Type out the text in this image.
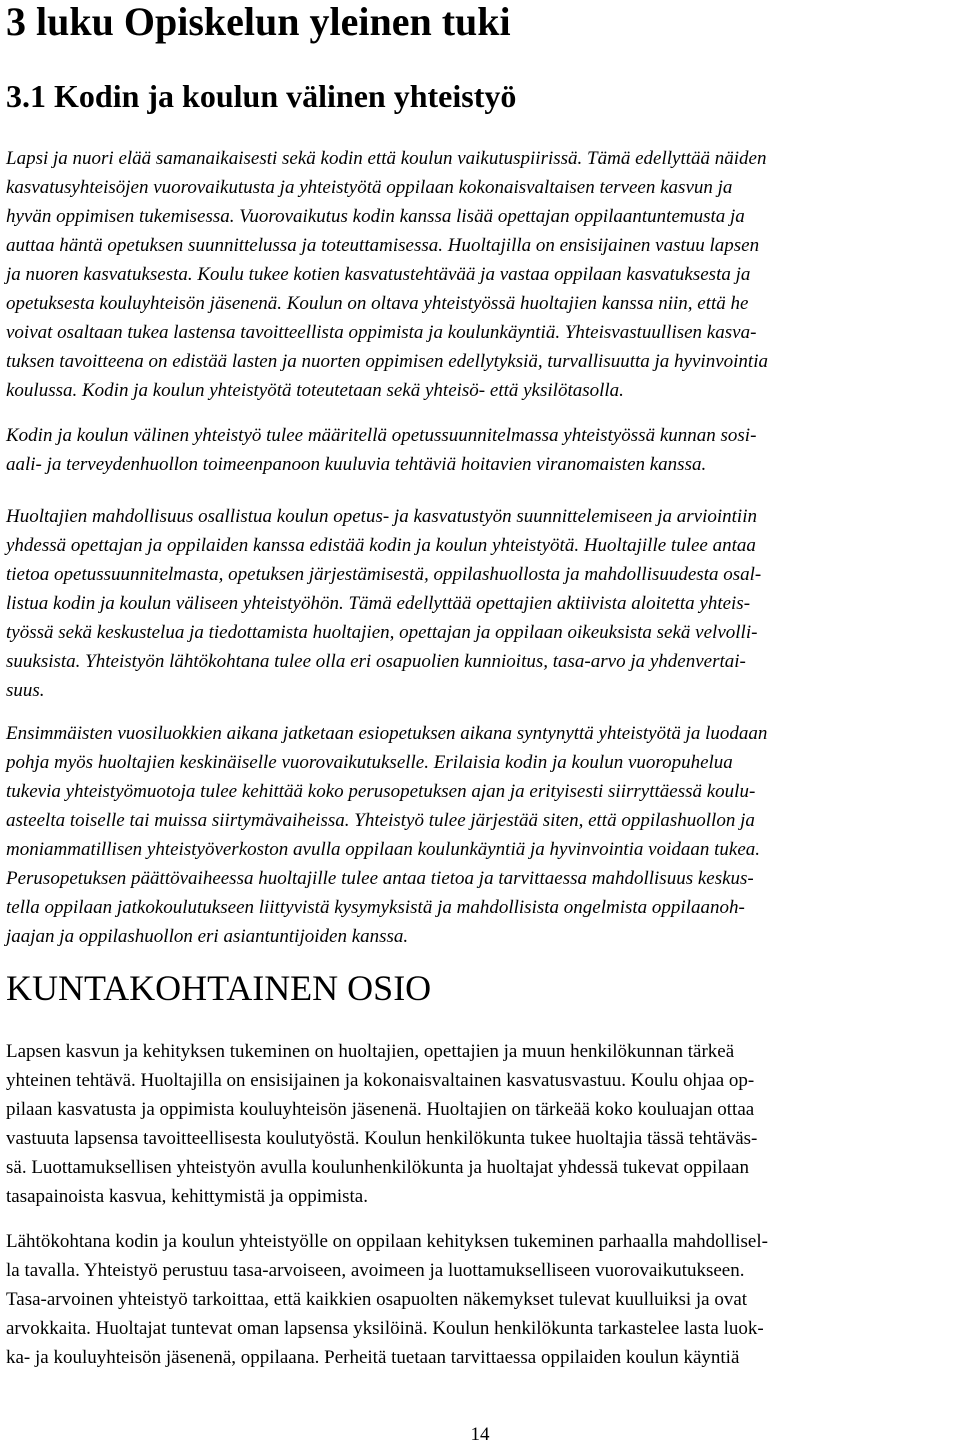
3 luku Opiskelun yleinen tuki
3.1 Kodin ja koulun välinen yhteistyö
Lapsi ja nuori elää samanaikaisesti sekä kodin että koulun vaikutuspiirissä. Tämä edellyttää näiden
kasvatusyhteisöjen vuorovaikutusta ja yhteistyötä oppilaan kokonaisvaltaisen terveen kasvun ja
hyvän oppimisen tukemisessa. Vuorovaikutus kodin kanssa lisää opettajan oppilaantuntemusta ja
auttaa häntä opetuksen suunnittelussa ja toteuttamisessa. Huoltajilla on ensisijainen vastuu lapsen
ja nuoren kasvatuksesta. Koulu tukee kotien kasvatustehtävää ja vastaa oppilaan kasvatuksesta ja
opetuksesta kouluyhteisön jäsenenä. Koulun on oltava yhteistyössä huoltajien kanssa niin, että he
voivat osaltaan tukea lastensa tavoitteellista oppimista ja koulunkäyntiä. Yhteisvastuullisen kasva-
tuksen tavoitteena on edistää lasten ja nuorten oppimisen edellytyksiä, turvallisuutta ja hyvinvointia
koulussa. Kodin ja koulun yhteistyötä toteutetaan sekä yhteisö- että yksilötasolla.
Kodin ja koulun välinen yhteistyö tulee määritellä opetussuunnitelmassa yhteistyössä kunnan sosi-
aali- ja terveydenhuollon toimeenpanoon kuuluvia tehtäviä hoitavien viranomaisten kanssa.
Huoltajien mahdollisuus osallistua koulun opetus- ja kasvatustyön suunnittelemiseen ja arviointiin
yhdessä opettajan ja oppilaiden kanssa edistää kodin ja koulun yhteistyötä. Huoltajille tulee antaa
tietoa opetussuunnitelmasta, opetuksen järjestämisestä, oppilashuollosta ja mahdollisuudesta osal-
listua kodin ja koulun väliseen yhteistyöhön. Tämä edellyttää opettajien aktiivista aloitetta yhteis-
työssä sekä keskustelua ja tiedottamista huoltajien, opettajan ja oppilaan oikeuksista sekä velvolli-
suuksista. Yhteistyön lähtökohtana tulee olla eri osapuolien kunnioitus, tasa-arvo ja yhdenvertai-
suus.
Ensimmäisten vuosiluokkien aikana jatketaan esiopetuksen aikana syntynyttä yhteistyötä ja luodaan
pohja myös huoltajien keskinäiselle vuorovaikutukselle. Erilaisia kodin ja koulun vuoropuhelua
tukevia yhteistyömuotoja tulee kehittää koko perusopetuksen ajan ja erityisesti siirryttäessä koulu-
asteelta toiselle tai muissa siirtymävaiheissa. Yhteistyö tulee järjestää siten, että oppilashuollon ja
moniammatillisen yhteistyöverkoston avulla oppilaan koulunkäyntiä ja hyvinvointia voidaan tukea.
Perusopetuksen päättövaiheessa huoltajille tulee antaa tietoa ja tarvittaessa mahdollisuus keskus-
tella oppilaan jatkokoulutukseen liittyvistä kysymyksistä ja mahdollisista ongelmista oppilaanoh-
jaajan ja oppilashuollon eri asiantuntijoiden kanssa.
KUNTAKOHTAINEN OSIO
Lapsen kasvun ja kehityksen tukeminen on huoltajien, opettajien ja muun henkilökunnan tärkeä
yhteinen tehtävä. Huoltajilla on ensisijainen ja kokonaisvaltainen kasvatusvastuu. Koulu ohjaa op-
pilaan kasvatusta ja oppimista kouluyhteisön jäsenenä. Huoltajien on tärkeää koko kouluajan ottaa
vastuuta lapsensa tavoitteellisesta koulutyöstä. Koulun henkilökunta tukee huoltajia tässä tehtäväs-
sä. Luottamuksellisen yhteistyön avulla koulunhenkilökunta ja huoltajat yhdessä tukevat oppilaan
tasapainoista kasvua, kehittymistä ja oppimista.
Lähtökohtana kodin ja koulun yhteistyölle on oppilaan kehityksen tukeminen parhaalla mahdollisel-
la tavalla. Yhteistyö perustuu tasa-arvoiseen, avoimeen ja luottamukselliseen vuorovaikutukseen.
Tasa-arvoinen yhteistyö tarkoittaa, että kaikkien osapuolten näkemykset tulevat kuulluiksi ja ovat
arvokkaita. Huoltajat tuntevat oman lapsensa yksilöinä. Koulun henkilökunta tarkastelee lasta luok-
ka- ja kouluyhteisön jäsenenä, oppilaana. Perheitä tuetaan tarvittaessa oppilaiden koulun käyntiä
14
